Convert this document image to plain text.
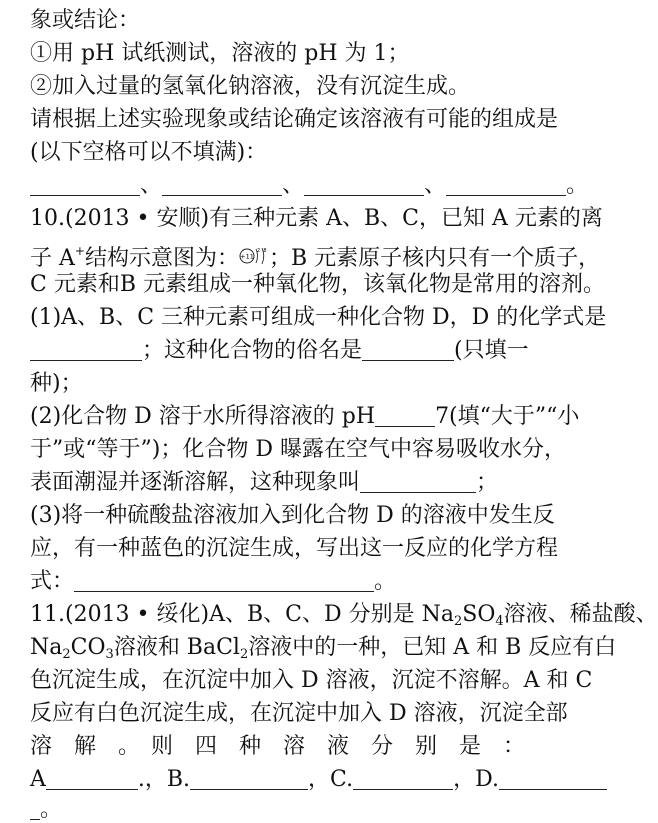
象或结论：
①用 pH 试纸测试，溶液的 pH 为 1；
②加入过量的氢氧化钠溶液，没有沉淀生成。
请根据上述实验现象或结论确定该溶液有可能的组成是
(以下空格可以不填满)：
、	、	、	。
10.(2013 • 安顺)有三种元素 A、B、C，已知 A 元素的离
子 A+结构示意图为： +11
2 8 ；B 元素原子核内只有一个质子，
C 元素和B 元素组成一种氧化物，该氧化物是常用的溶剂。
(1)A、B、C 三种元素可组成一种化合物 D，D 的化学式是
；这种化合物的俗名是	(只填一
种)；
(2)化合物 D 溶于水所得溶液的 pH	7(填“大于”“小
于”或“等于”)；化合物 D 曝露在空气中容易吸收水分，
表面潮湿并逐渐溶解，这种现象叫	；
(3)将一种硫酸盐溶液加入到化合物 D 的溶液中发生反
应，有一种蓝色的沉淀生成，写出这一反应的化学方程
式：	。
11.(2013 • 绥化)A、B、C、D 分别是 $Na_2SO_4$溶液、稀盐酸、
$Na_2CO_3$溶液和 BaCl$_2$溶液中的一种，已知 A 和 B 反应有白
色沉淀生成，在沉淀中加入 D 溶液，沉淀不溶解。A 和 C
反应有白色沉淀生成，在沉淀中加入 D 溶液，沉淀全部
溶　解　。　则　四　种　溶　液　分　别　是　：
A	.，B.	，C.	，D.
。
